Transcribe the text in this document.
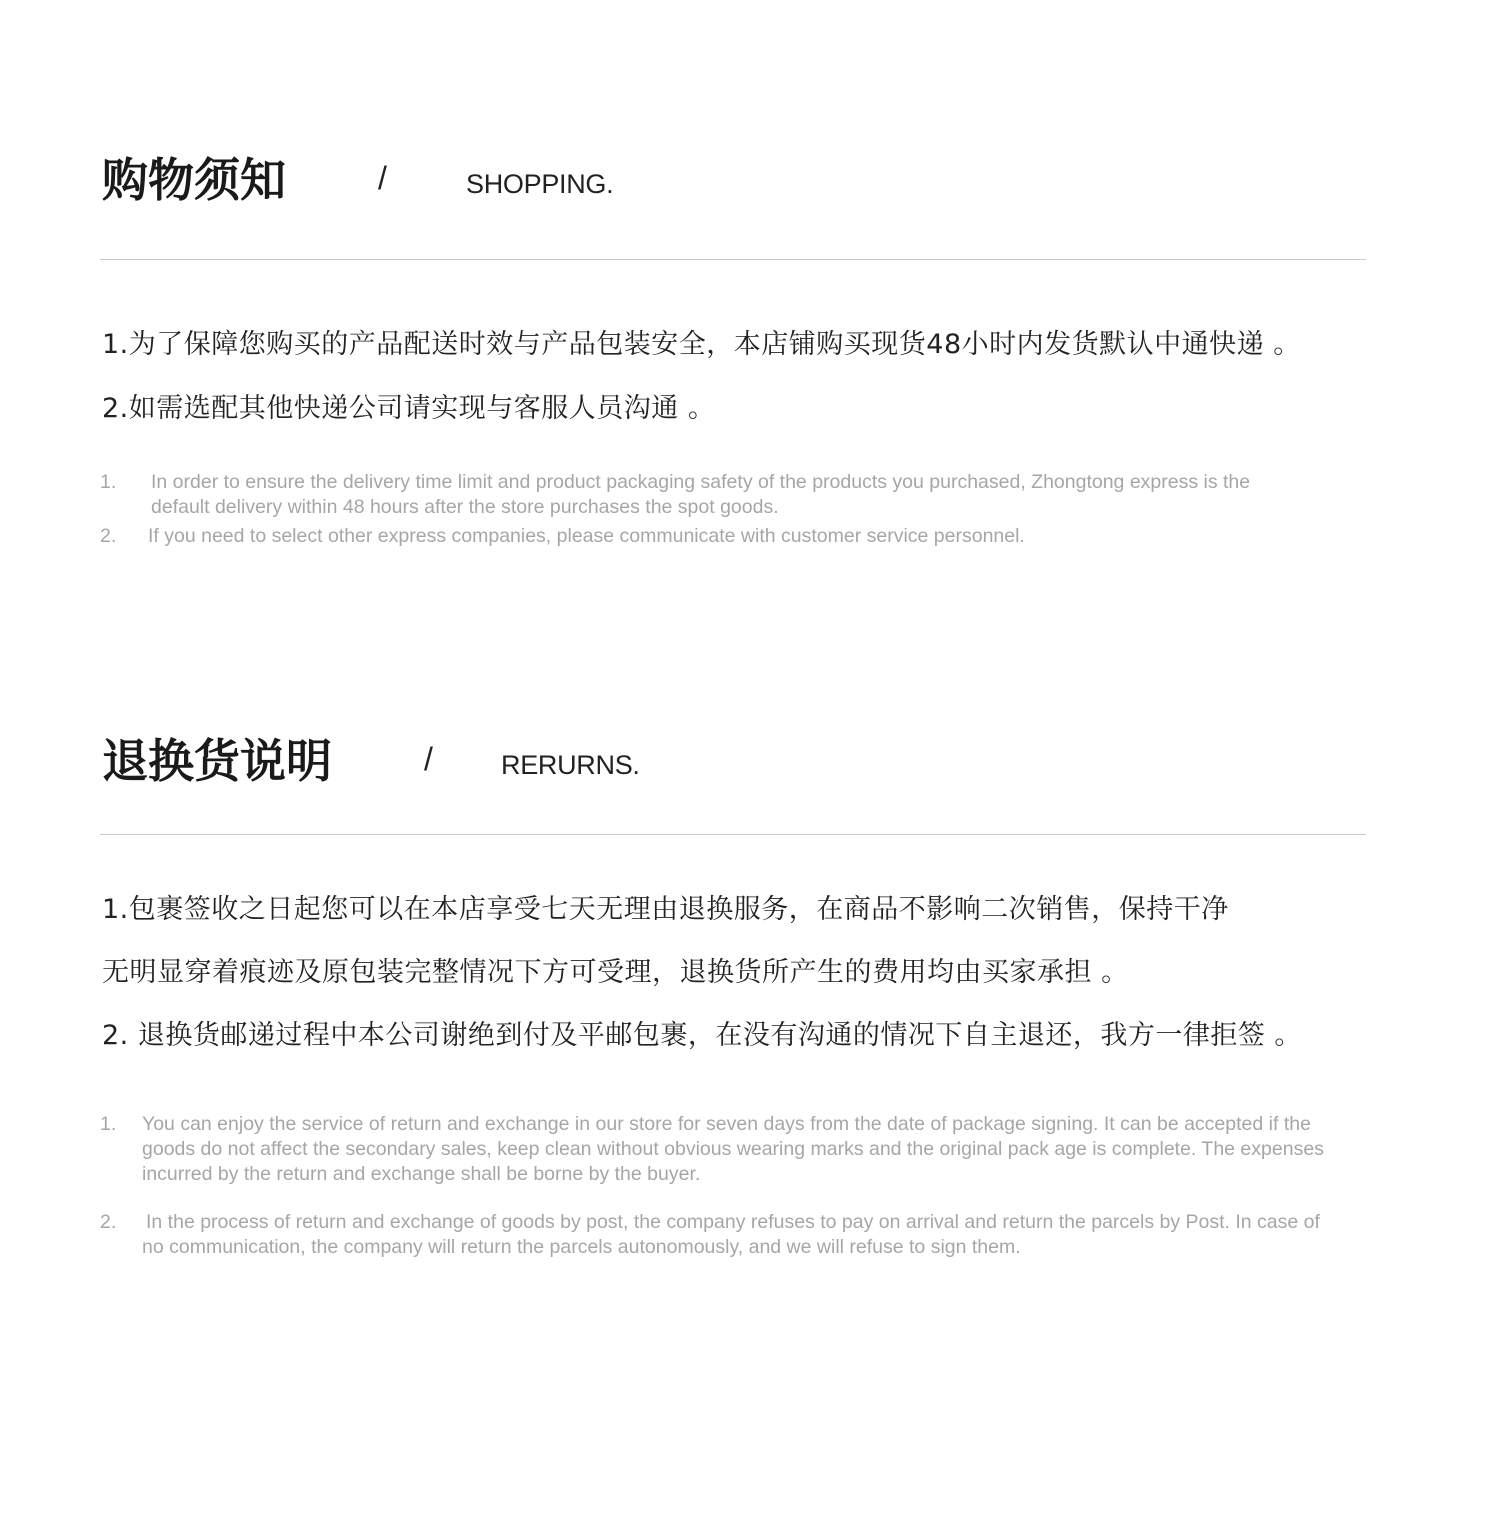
购物须知	/	SHOPPING.
1.为了保障您购买的产品配送时效与产品包装安全，本店铺购买现货48小时内发货默认中通快递 。
2.如需选配其他快递公司请实现与客服人员沟通 。
1. In order to ensure the delivery time limit and product packaging safety of the products you purchased, Zhongtong express is the default delivery within 48 hours after the store purchases the spot goods.
2. If you need to select other express companies, please communicate with customer service personnel.
退换货说明	/	RERURNS.
1.包裹签收之日起您可以在本店享受七天无理由退换服务，在商品不影响二次销售，保持干净
无明显穿着痕迹及原包装完整情况下方可受理，退换货所产生的费用均由买家承担 。
2. 退换货邮递过程中本公司谢绝到付及平邮包裹，在没有沟通的情况下自主退还，我方一律拒签 。
1. You can enjoy the service of return and exchange in our store for seven days from the date of package signing. It can be accepted if the goods do not affect the secondary sales, keep clean without obvious wearing marks and the original pack age is complete. The expenses incurred by the return and exchange shall be borne by the buyer.
2. In the process of return and exchange of goods by post, the company refuses to pay on arrival and return the parcels by Post. In case of no communication, the company will return the parcels autonomously, and we will refuse to sign them.
